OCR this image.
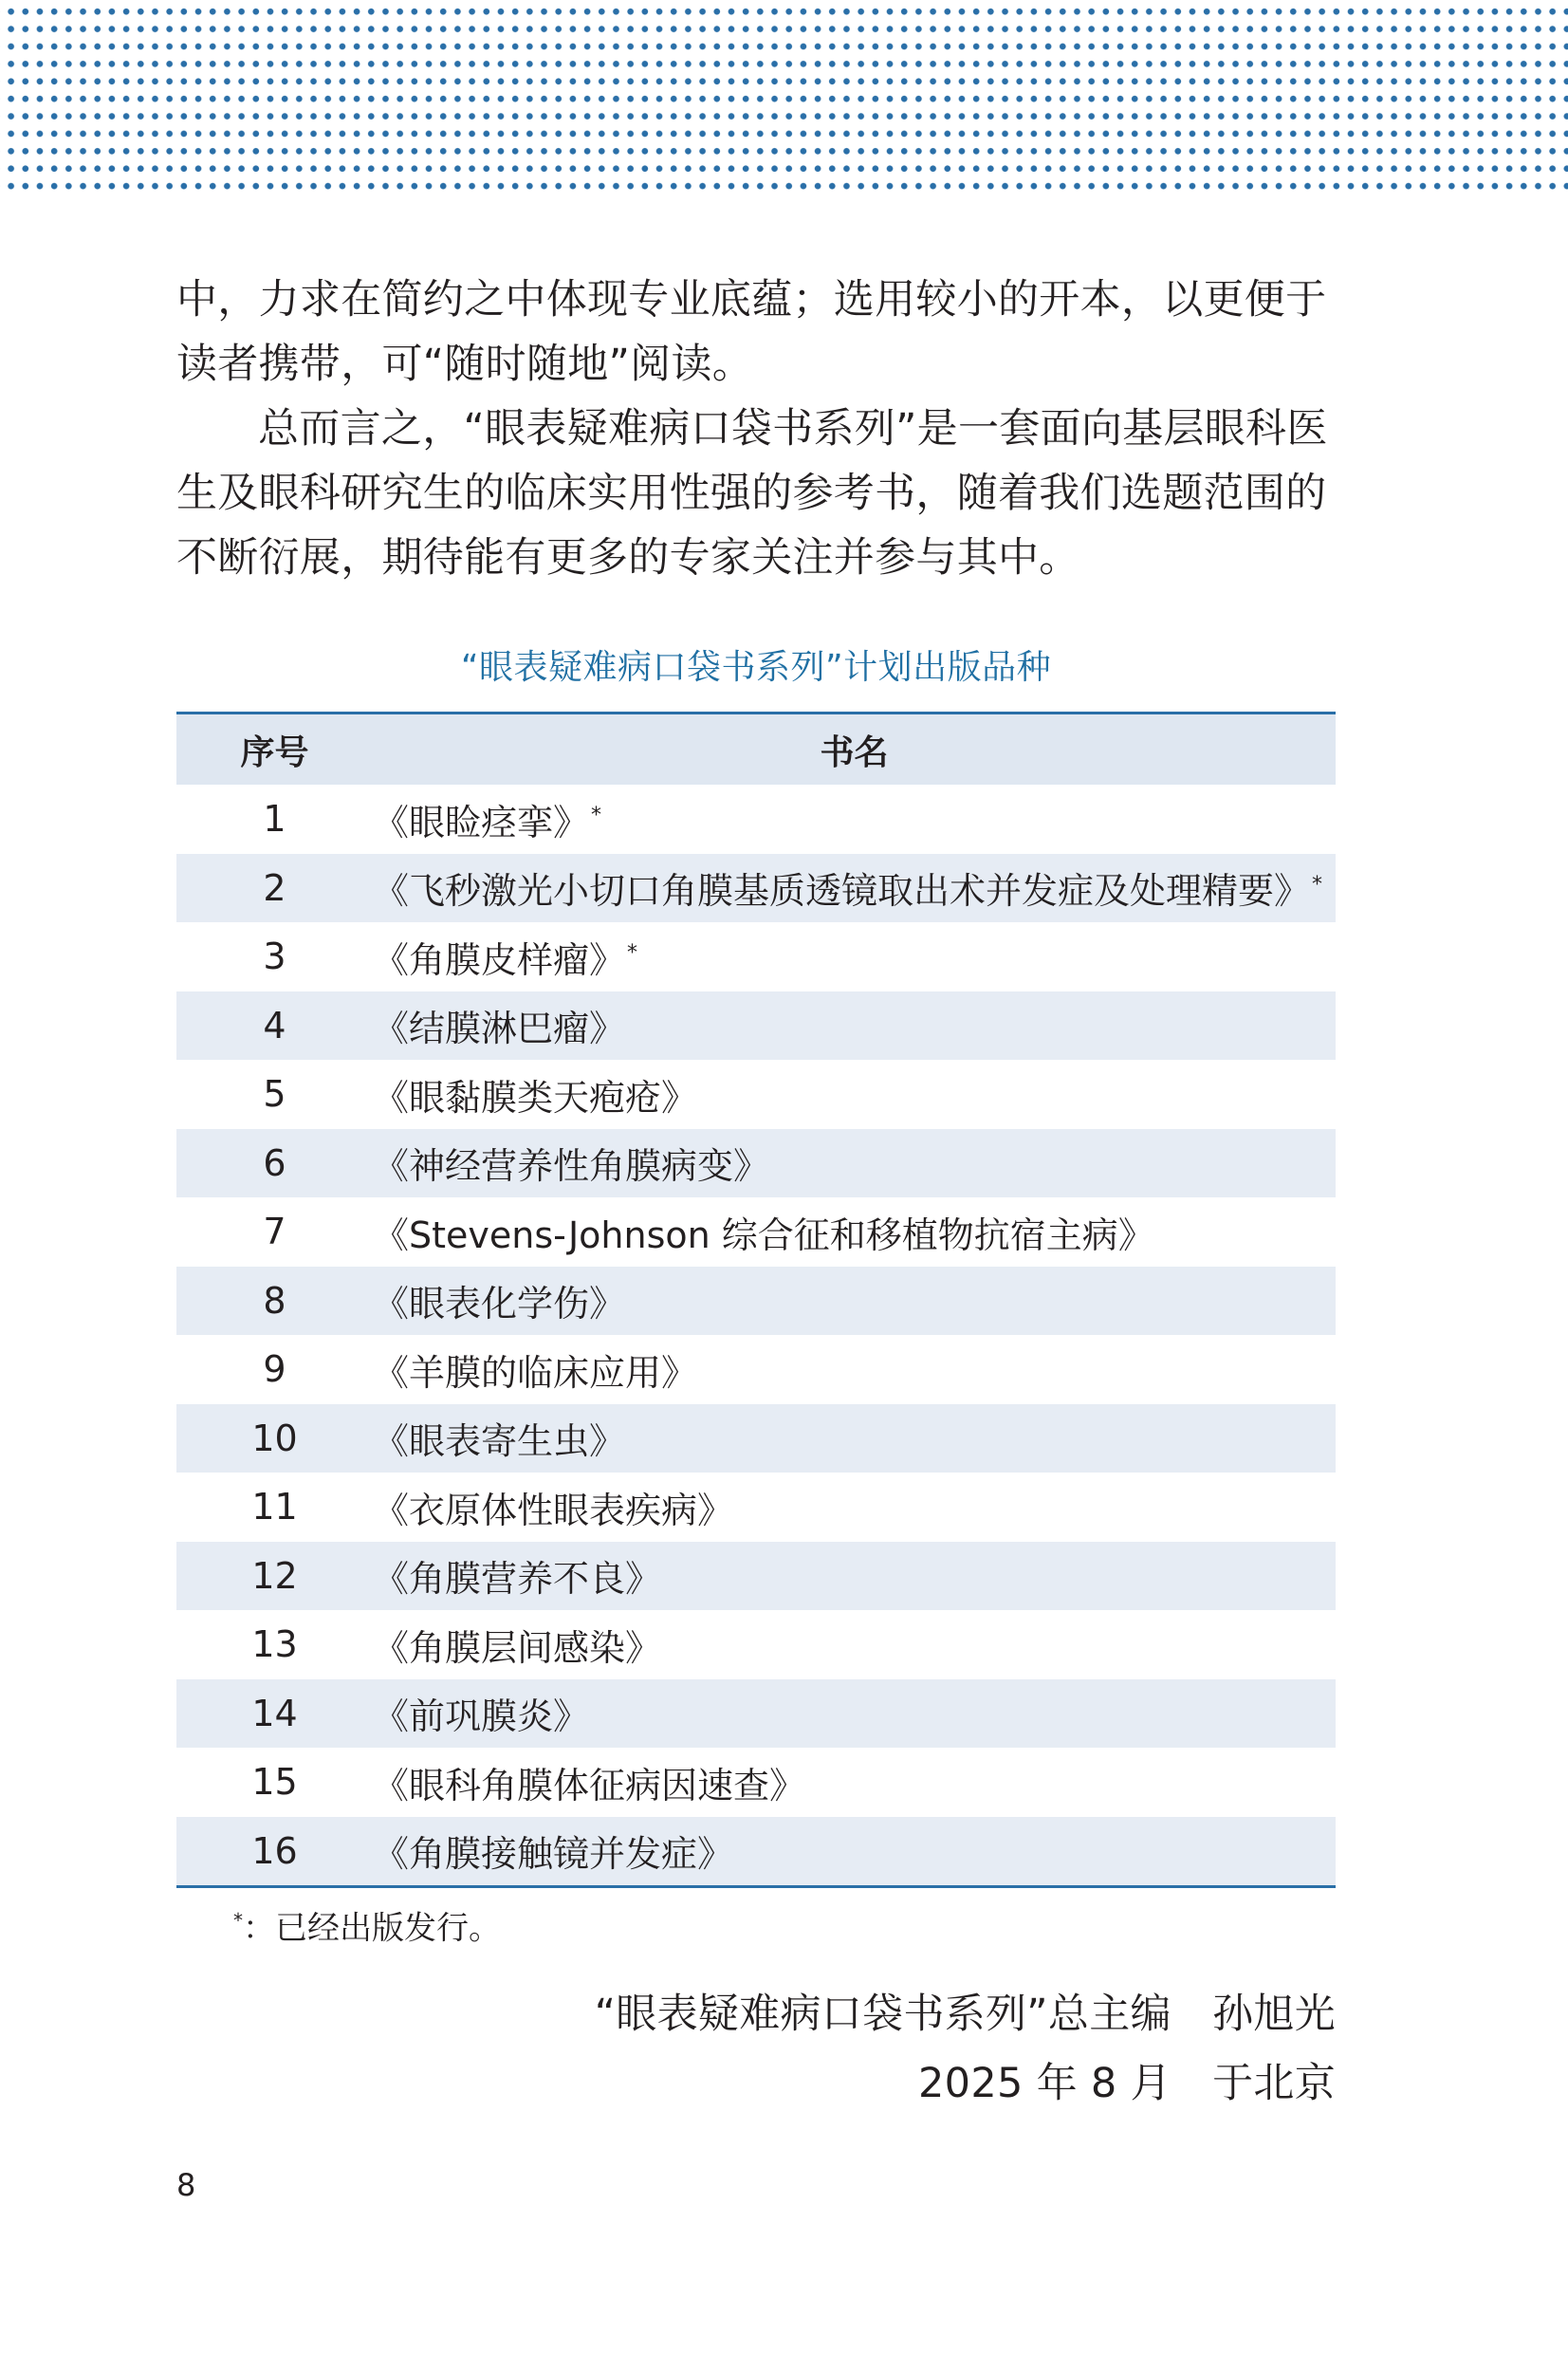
中，力求在简约之中体现专业底蕴；选用较小的开本，以更便于读者携带，可“随时随地”阅读。

总而言之，“眼表疑难病口袋书系列”是一套面向基层眼科医生及眼科研究生的临床实用性强的参考书，随着我们选题范围的不断衍展，期待能有更多的专家关注并参与其中。

“眼表疑难病口袋书系列”计划出版品种
序号	书名
1	《眼睑痉挛》*
2	《飞秒激光小切口角膜基质透镜取出术并发症及处理精要》*
3	《角膜皮样瘤》*
4	《结膜淋巴瘤》
5	《眼黏膜类天疱疮》
6	《神经营养性角膜病变》
7	《Stevens-Johnson 综合征和移植物抗宿主病》
8	《眼表化学伤》
9	《羊膜的临床应用》
10	《眼表寄生虫》
11	《衣原体性眼表疾病》
12	《角膜营养不良》
13	《角膜层间感染》
14	《前巩膜炎》
15	《眼科角膜体征病因速查》
16	《角膜接触镜并发症》
*：已经出版发行。
“眼表疑难病口袋书系列”总主编　孙旭光
2025 年 8 月　于北京
8
